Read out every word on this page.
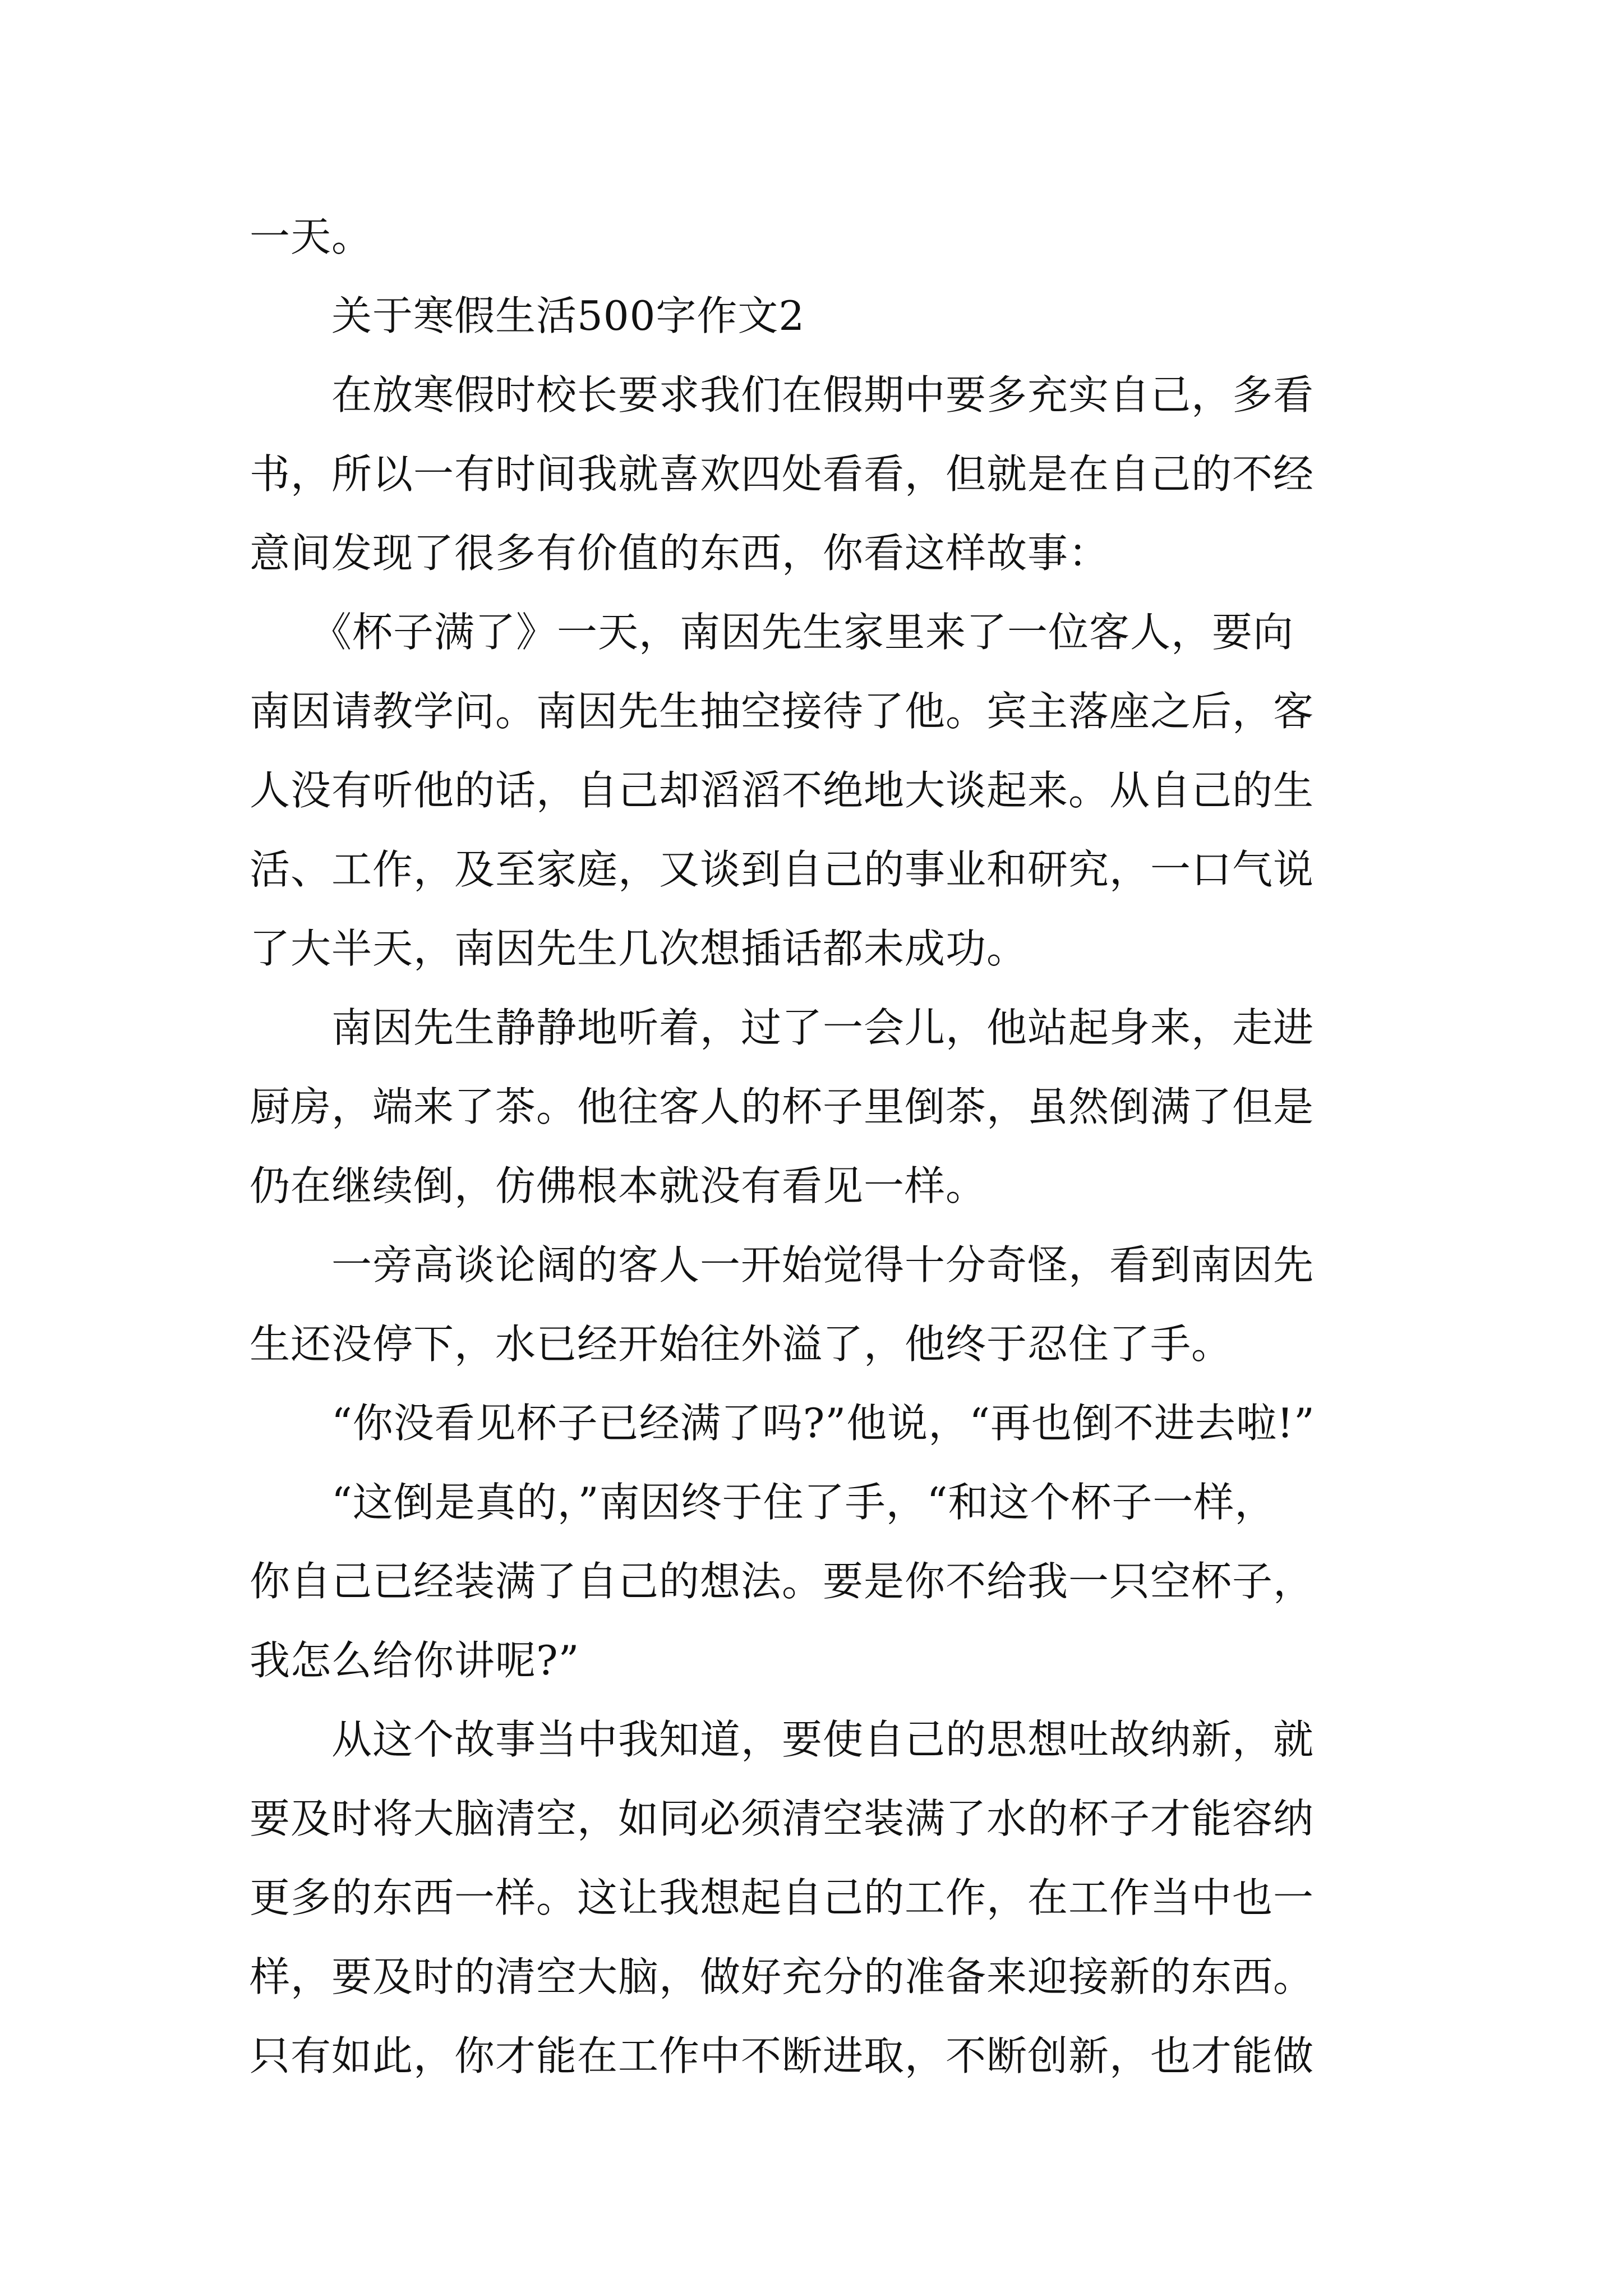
一天。

　　关于寒假生活500字作文2

　　在放寒假时校长要求我们在假期中要多充实自己，多看

书，所以一有时间我就喜欢四处看看，但就是在自己的不经

意间发现了很多有价值的东西，你看这样故事：

　　《杯子满了》一天，南因先生家里来了一位客人，要向

南因请教学问。南因先生抽空接待了他。宾主落座之后，客

人没有听他的话，自己却滔滔不绝地大谈起来。从自己的生

活、工作，及至家庭，又谈到自己的事业和研究，一口气说

了大半天，南因先生几次想插话都未成功。

　　南因先生静静地听着，过了一会儿，他站起身来，走进

厨房，端来了茶。他往客人的杯子里倒茶，虽然倒满了但是

仍在继续倒，仿佛根本就没有看见一样。

　　一旁高谈论阔的客人一开始觉得十分奇怪，看到南因先

生还没停下，水已经开始往外溢了，他终于忍住了手。

　　“你没看见杯子已经满了吗?”他说，“再也倒不进去啦!”

　　“这倒是真的，”南因终于住了手，“和这个杯子一样，

你自己已经装满了自己的想法。要是你不给我一只空杯子，

我怎么给你讲呢?”

　　从这个故事当中我知道，要使自己的思想吐故纳新，就

要及时将大脑清空，如同必须清空装满了水的杯子才能容纳

更多的东西一样。这让我想起自己的工作，在工作当中也一

样，要及时的清空大脑，做好充分的准备来迎接新的东西。

只有如此，你才能在工作中不断进取，不断创新，也才能做
